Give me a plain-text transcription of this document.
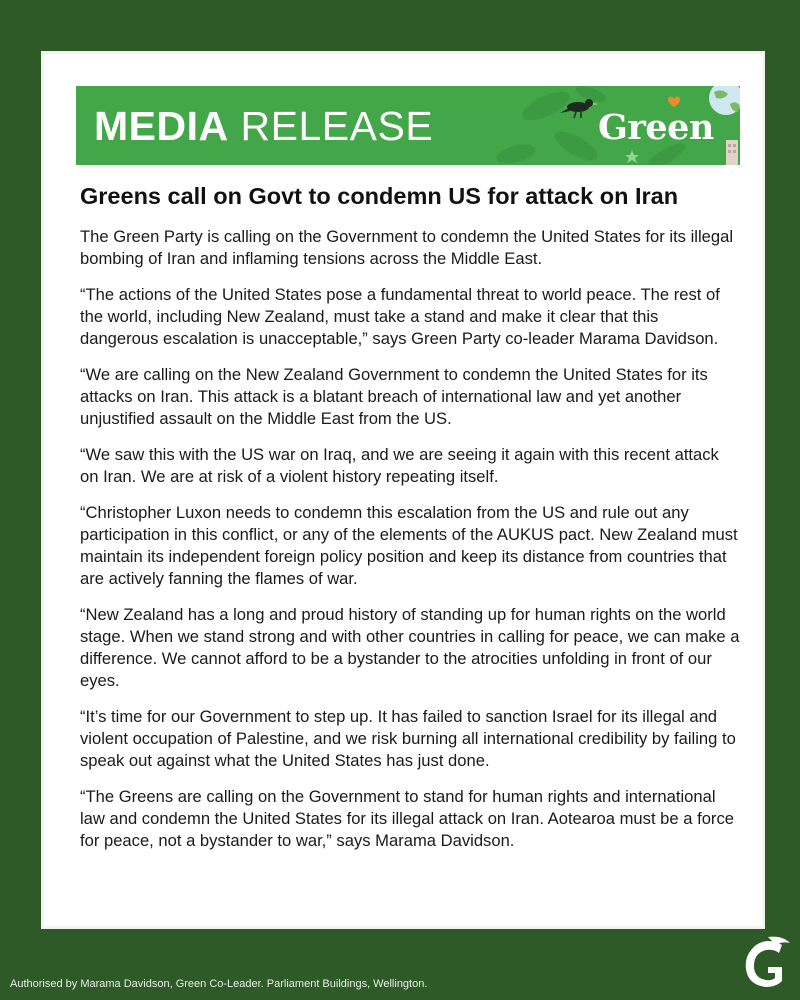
MEDIA RELEASE	Green
Greens call on Govt to condemn US for attack on Iran

The Green Party is calling on the Government to condemn the United States for its illegal bombing of Iran and inflaming tensions across the Middle East.

“The actions of the United States pose a fundamental threat to world peace. The rest of the world, including New Zealand, must take a stand and make it clear that this dangerous escalation is unacceptable,” says Green Party co-leader Marama Davidson.

“We are calling on the New Zealand Government to condemn the United States for its attacks on Iran. This attack is a blatant breach of international law and yet another unjustified assault on the Middle East from the US.

“We saw this with the US war on Iraq, and we are seeing it again with this recent attack on Iran. We are at risk of a violent history repeating itself.

“Christopher Luxon needs to condemn this escalation from the US and rule out any participation in this conflict, or any of the elements of the AUKUS pact. New Zealand must maintain its independent foreign policy position and keep its distance from countries that are actively fanning the flames of war.

“New Zealand has a long and proud history of standing up for human rights on the world stage. When we stand strong and with other countries in calling for peace, we can make a difference. We cannot afford to be a bystander to the atrocities unfolding in front of our eyes.

“It’s time for our Government to step up. It has failed to sanction Israel for its illegal and violent occupation of Palestine, and we risk burning all international credibility by failing to speak out against what the United States has just done.

“The Greens are calling on the Government to stand for human rights and international law and condemn the United States for its illegal attack on Iran. Aotearoa must be a force for peace, not a bystander to war,” says Marama Davidson.

Authorised by Marama Davidson, Green Co-Leader. Parliament Buildings, Wellington.
